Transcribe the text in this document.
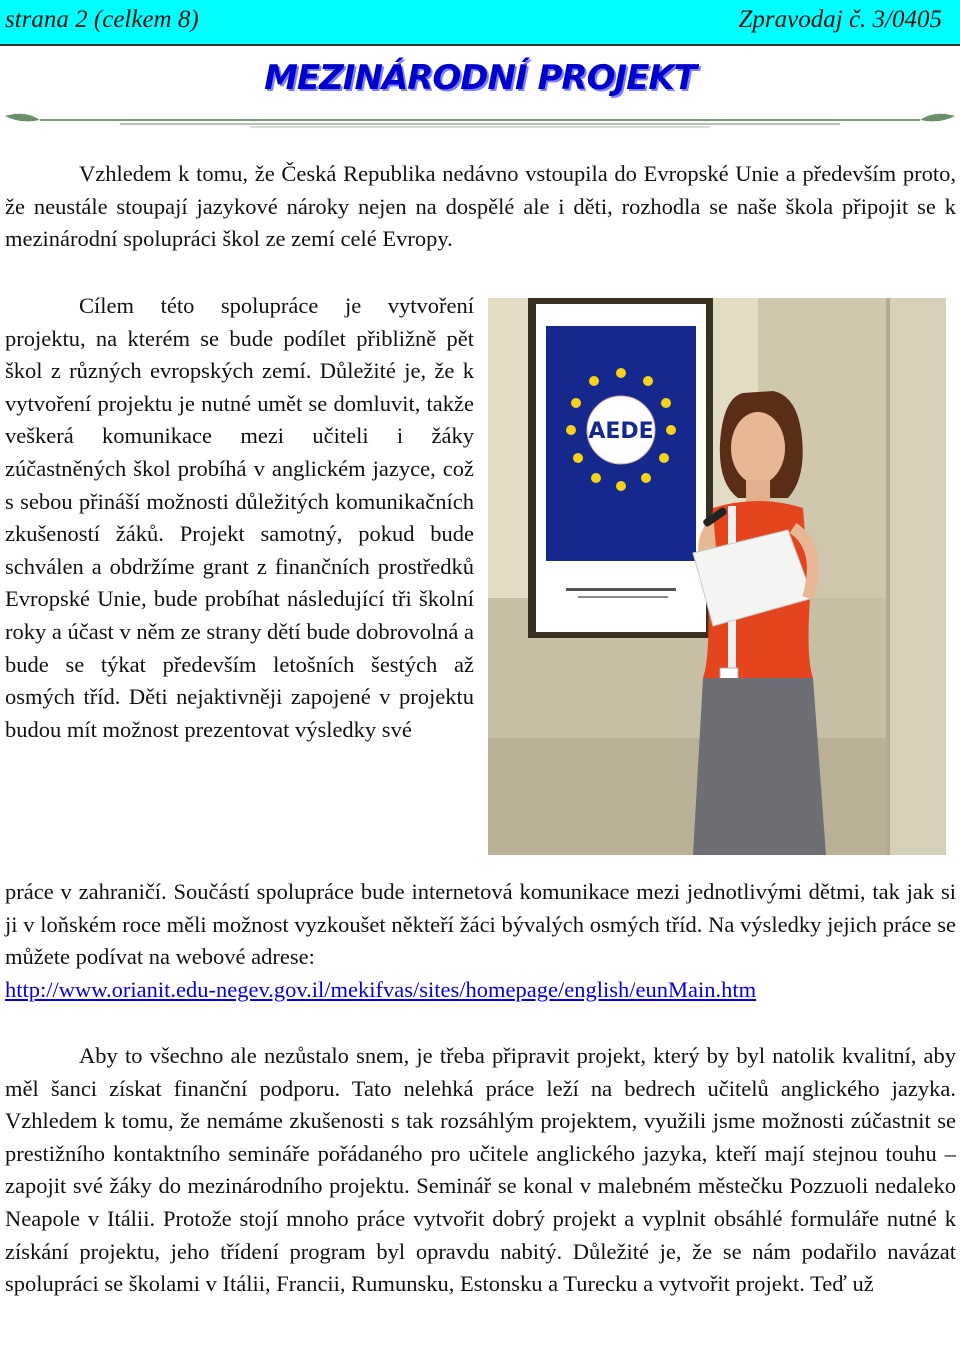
strana 2 (celkem 8)	Zpravodaj č. 3/0405
MEZINÁRODNÍ PROJEKT
Vzhledem k tomu, že Česká Republika nedávno vstoupila do Evropské Unie a především proto, že neustále stoupají jazykové nároky nejen na dospělé ale i děti, rozhodla se naše škola připojit se k mezinárodní spolupráci škol ze zemí celé Evropy.
Cílem této spolupráce je vytvoření projektu, na kterém se bude podílet přibližně pět škol z různých evropských zemí. Důležité je, že k vytvoření projektu je nutné umět se domluvit, takže veškerá komunikace mezi učiteli i žáky zúčastněných škol probíhá v anglickém jazyce, což s sebou přináší možnosti důležitých komunikačních zkušeností žáků. Projekt samotný, pokud bude schválen a obdržíme grant z finančních prostředků Evropské Unie, bude probíhat následující tři školní roky a účast v něm ze strany dětí bude dobrovolná a bude se týkat především letošních šestých až osmých tříd. Děti nejaktivněji zapojené v projektu budou mít možnost prezentovat výsledky své
AEDE
práce v zahraničí. Součástí spolupráce bude internetová komunikace mezi jednotlivými dětmi, tak jak si ji v loňském roce měli možnost vyzkoušet někteří žáci bývalých osmých tříd. Na výsledky jejich práce se můžete podívat na webové adrese:
http://www.orianit.edu-negev.gov.il/mekifvas/sites/homepage/english/eunMain.htm
Aby to všechno ale nezůstalo snem, je třeba připravit projekt, který by byl natolik kvalitní, aby měl šanci získat finanční podporu. Tato nelehká práce leží na bedrech učitelů anglického jazyka. Vzhledem k tomu, že nemáme zkušenosti s tak rozsáhlým projektem, využili jsme možnosti zúčastnit se prestižního kontaktního semináře pořádaného pro učitele anglického jazyka, kteří mají stejnou touhu – zapojit své žáky do mezinárodního projektu. Seminář se konal v malebném městečku Pozzuoli nedaleko Neapole v Itálii. Protože stojí mnoho práce vytvořit dobrý projekt a vyplnit obsáhlé formuláře nutné k získání projektu, jeho třídení program byl opravdu nabitý. Důležité je, že se nám podařilo navázat spolupráci se školami v Itálii, Francii, Rumunsku, Estonsku a Turecku a vytvořit projekt. Teď už
